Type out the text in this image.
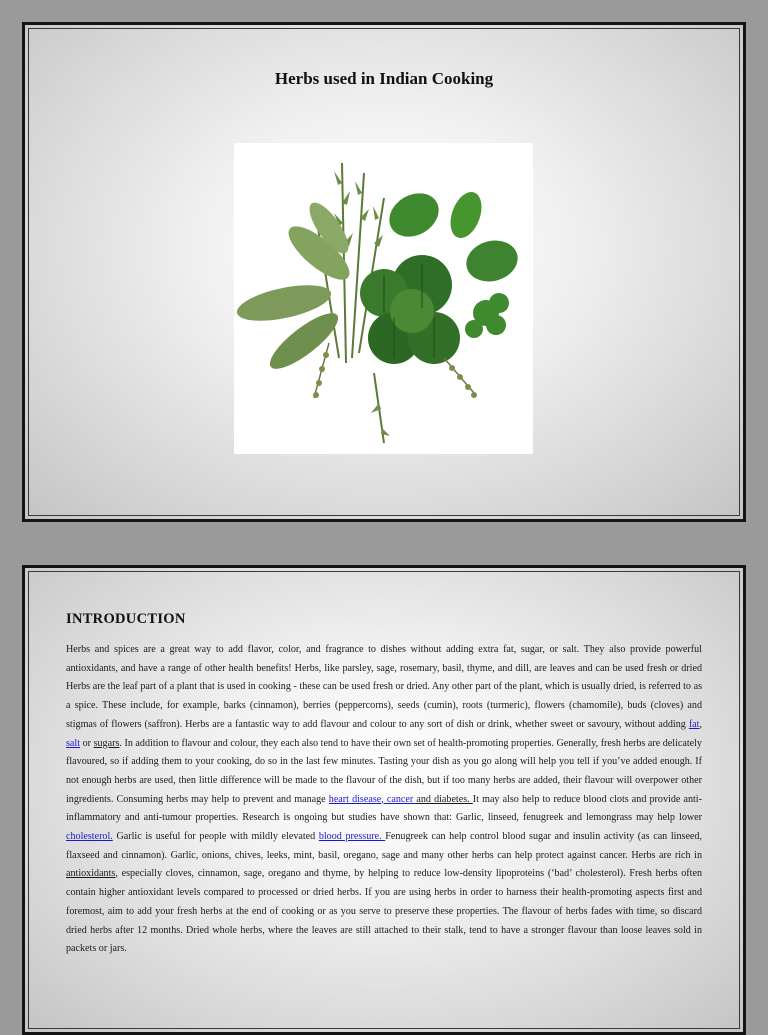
Herbs used in Indian Cooking
INTRODUCTION
Herbs and spices are a great way to add flavor, color, and fragrance to dishes without adding extra fat, sugar, or salt. They also provide powerful antioxidants, and have a range of other health benefits! Herbs, like parsley, sage, rosemary, basil, thyme, and dill, are leaves and can be used fresh or dried Herbs are the leaf part of a plant that is used in cooking - these can be used fresh or dried. Any other part of the plant, which is usually dried, is referred to as a spice. These include, for example, barks (cinnamon), berries (peppercorns), seeds (cumin), roots (turmeric), flowers (chamomile), buds (cloves) and stigmas of flowers (saffron). Herbs are a fantastic way to add flavour and colour to any sort of dish or drink, whether sweet or savoury, without adding fat, salt or sugars. In addition to flavour and colour, they each also tend to have their own set of health-promoting properties. Generally, fresh herbs are delicately flavoured, so if adding them to your cooking, do so in the last few minutes. Tasting your dish as you go along will help you tell if you’ve added enough. If not enough herbs are used, then little difference will be made to the flavour of the dish, but if too many herbs are added, their flavour will overpower other ingredients. Consuming herbs may help to prevent and manage heart disease, cancer and diabetes. It may also help to reduce blood clots and provide anti-inflammatory and anti-tumour properties. Research is ongoing but studies have shown that: Garlic, linseed, fenugreek and lemongrass may help lower cholesterol. Garlic is useful for people with mildly elevated blood pressure. Fenugreek can help control blood sugar and insulin activity (as can linseed, flaxseed and cinnamon). Garlic, onions, chives, leeks, mint, basil, oregano, sage and many other herbs can help protect against cancer. Herbs are rich in antioxidants, especially cloves, cinnamon, sage, oregano and thyme, by helping to reduce low-density lipoproteins (‘bad’ cholesterol). Fresh herbs often contain higher antioxidant levels compared to processed or dried herbs. If you are using herbs in order to harness their health-promoting aspects first and foremost, aim to add your fresh herbs at the end of cooking or as you serve to preserve these properties. The flavour of herbs fades with time, so discard dried herbs after 12 months. Dried whole herbs, where the leaves are still attached to their stalk, tend to have a stronger flavour than loose leaves sold in packets or jars.
